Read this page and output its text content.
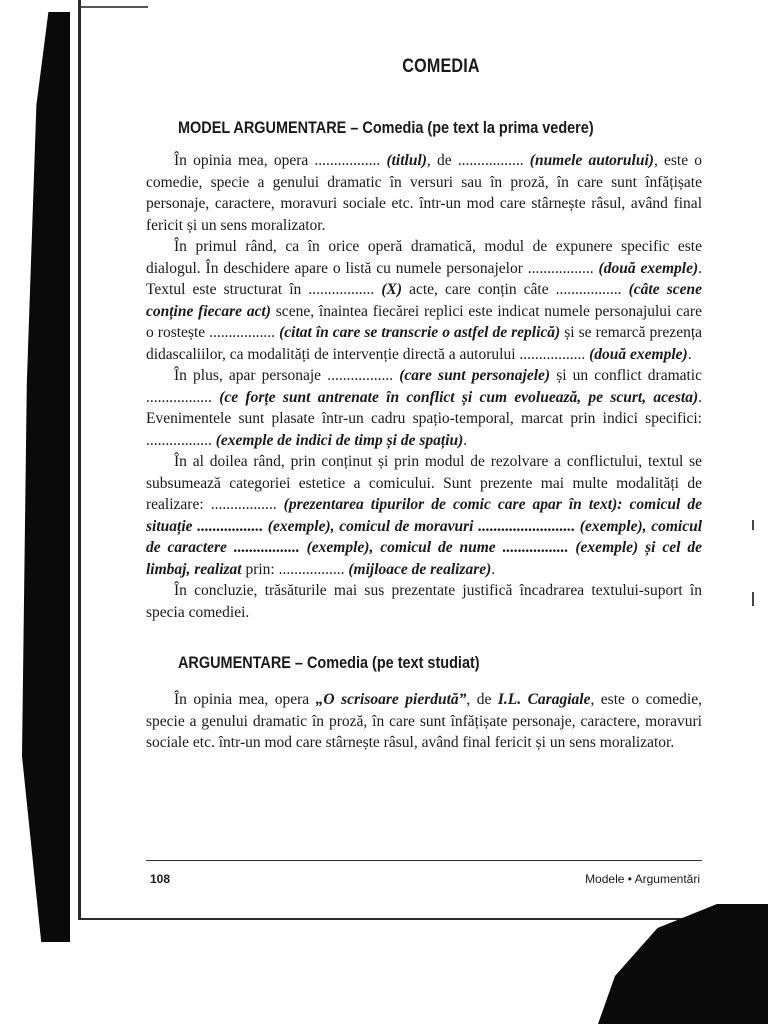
COMEDIA
MODEL ARGUMENTARE – Comedia (pe text la prima vedere)

În opinia mea, opera ................. (titlul), de ................. (numele autorului), este o comedie, specie a genului dramatic în versuri sau în proză, în care sunt înfățișate personaje, caractere, moravuri sociale etc. într-un mod care stârnește râsul, având final fericit și un sens moralizator.

În primul rând, ca în orice operă dramatică, modul de expunere specific este dialogul. În deschidere apare o listă cu numele personajelor ................. (două exemple). Textul este structurat în ................. (X) acte, care conțin câte ................. (câte scene conține fiecare act) scene, înaintea fiecărei replici este indicat numele personajului care o rostește ................. (citat în care se transcrie o astfel de replică) și se remarcă prezența didascaliilor, ca modalități de intervenție directă a autorului ................. (două exemple).

În plus, apar personaje ................. (care sunt personajele) și un conflict dramatic ................. (ce forțe sunt antrenate în conflict și cum evoluează, pe scurt, acesta). Evenimentele sunt plasate într-un cadru spațio-temporal, marcat prin indici specifici: ................. (exemple de indici de timp și de spațiu).

În al doilea rând, prin conținut și prin modul de rezolvare a conflictului, textul se subsumează categoriei estetice a comicului. Sunt prezente mai multe modalități de realizare: ................. (prezentarea tipurilor de comic care apar în text): comicul de situație ................. (exemple), comicul de moravuri ......................... (exemple), comicul de caractere ................. (exemple), comicul de nume ................. (exemple) și cel de limbaj, realizat prin: ................. (mijloace de realizare).

În concluzie, trăsăturile mai sus prezentate justifică încadrarea textului-suport în specia comediei.

ARGUMENTARE – Comedia (pe text studiat)

În opinia mea, opera „O scrisoare pierdută”, de I.L. Caragiale, este o comedie, specie a genului dramatic în proză, în care sunt înfățișate personaje, caractere, moravuri sociale etc. într-un mod care stârnește râsul, având final fericit și un sens moralizator.

108	Modele • Argumentări
